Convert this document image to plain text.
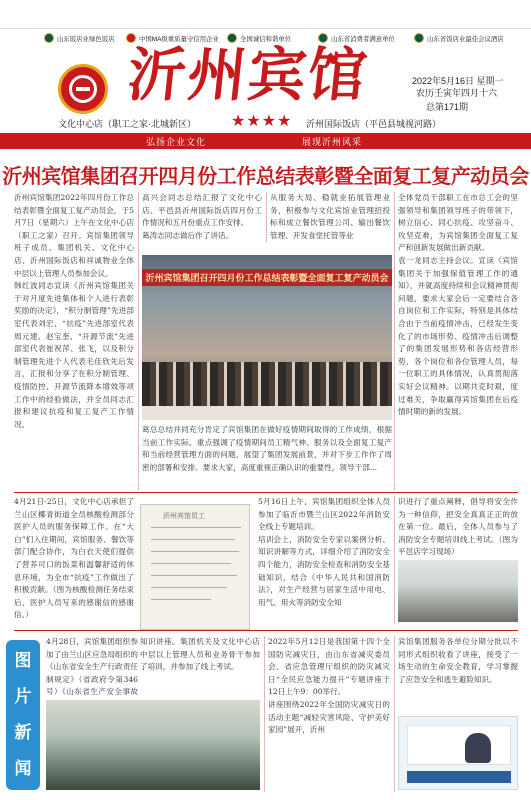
山东饭店业绿色饭店	中国MA级重质量守信用企业	全国诚信和谐单位	山东省消费者满意单位	山东省饭店业最佳会议酒店
沂州宾馆	2022年5月16日 星期一
农历壬寅年四月十六
总第171期
文化中心店（职工之家·北城新区） ★★★★ 沂州国际饭店（平邑县城视河路）
弘扬企业文化	展现沂州风采
沂州宾馆集团召开四月份工作总结表彰暨全面复工复产动员会
沂州宾馆集团2022年四月份工作总结表彰暨全面复工复产动员会，于5月7日（星期六）上午在文化中心店（职工之家）召开。宾馆集团领导班子成员、集团机关、文化中心店、沂州国际饭店和祥诚物业全体中层以上管理人员参加会议。
韩红波同志宣读《沂州宾馆集团关于对月度先进集体和个人进行表彰奖励的决定》，“积分制管理”先进部室代表刘宏、“抗疫”先进部室代表周元建、赵宝奎、“开源节流”先进部室代表崔祝萍、张飞，以及积分制管理先进个人代表毛佳欣先后发言，汇报和分享了在积分制管理、疫情防控、开源节流降本增效等项工作中的经验做法，并全员同志汇报和建议抗疫和复工复产工作情况。
高兴会同志总结汇报了文化中心店、平邑县沂州国际饭店四月份工作情况和五月份重点工作安排。
葛涛志同志做后作了讲话。
从服务大局、稳就业拓展管理业务，积极参与文化宾馆业管理招投标和成立餐饮管理公司、输出餐饮管理、开发食堂托管等业
全体党员干部职工在市总工会的坚强领导和集团领导班子的带领下，树立信心、同心抗疫、攻坚奋斗、攻坚克难，为宾馆集团全面复工复产和创新发展做出新贡献。
袁一龙同志主持会议。宣读《宾馆集团关于加强保值管理工作的通知》，并就高度持续和会议精神贯彻问题，要求大家会后一定要结合各自岗位和工作实际，特别是具体结合由于当前疫情冲击，已经发生变化了的市场形势、疫情冲击后调整了的集团发展形势和各店经营形势，各个岗位和各位管理人员，每一位职工的具体情况，认真贯彻落实好会议精神。以期共克时艰，度过难关，争取赢得宾馆集团在后疫情时期的新的发展。
沂州宾馆集团召开四月份工作总结表彰暨全面复工复产动员会
葛总总结并同充分肯定了宾馆集团在做好疫情期间取得的工作成绩，根据当前工作实际，重点强调了疫情期间员工精气神、服务以及全面复工复产和当前经营管理方面的问题，展望了集团发展前景，并对下步工作作了周密的部署和安排。要求大家，高度重视正确认识的重要性，领导干部...
4月21日-25日，文化中心店承担了兰山区椰青街道全员核酸检测部分医护人员的服务保障工作。在“大白”们入住期间，宾馆服务、餐饮等部门配合协作，为白衣天使们提供了营养可口的饭菜和温馨舒适的休息环境，为全市“抗疫”工作做出了积极贡献。（图为核酸检测任务结束后，医护人员写来的感谢信的感谢信。）
沂州宾馆员工
5月16日上午，宾馆集团组织全体人员参加了临沂市暨兰山区2022年消防安全线上专题培训。
培训会上，消防安全专家以案例分析、知识讲解等方式，详细介绍了消防安全四个能力，消防安全检查和消防安全基础知识，结合《中华人民共和国消防法》，对生产经营与居家生活中用电、用气、用火等消防安全知
识进行了重点阐释，倡导将安全作为一种信仰，把安全真真正正的放在第一位。最后，全体人员参与了消防安全专题培训线上考试。（图为平邑店学习现场）
图
片
新
闻
4月28日，宾馆集团组织参加了由兰山区应急局组织的《山东省安全生产行政责任制规定》（省政府令第346号）《山东省生产安全事故
知识讲座。集团机关及文化中心店中层以上管理人员和业务骨干参加了培训，并参加了线上考试。
2022年5月12日是我国第十四个全国防灾减灾日，由山东省减灾委员会、省应急管理厅组织的防灾减灾日“全民应急能力提升”专题讲座于12日上午9：00举行。
讲座围绕2022年全国防灾减灾日的活动主题“减轻灾害风险、守护美好家园”展开，沂州
宾馆集团服务各单位分期分批以不同形式组织收看了讲座，接受了一场生动的生命安全教育，学习掌握了应急安全和逃生避险知识。
